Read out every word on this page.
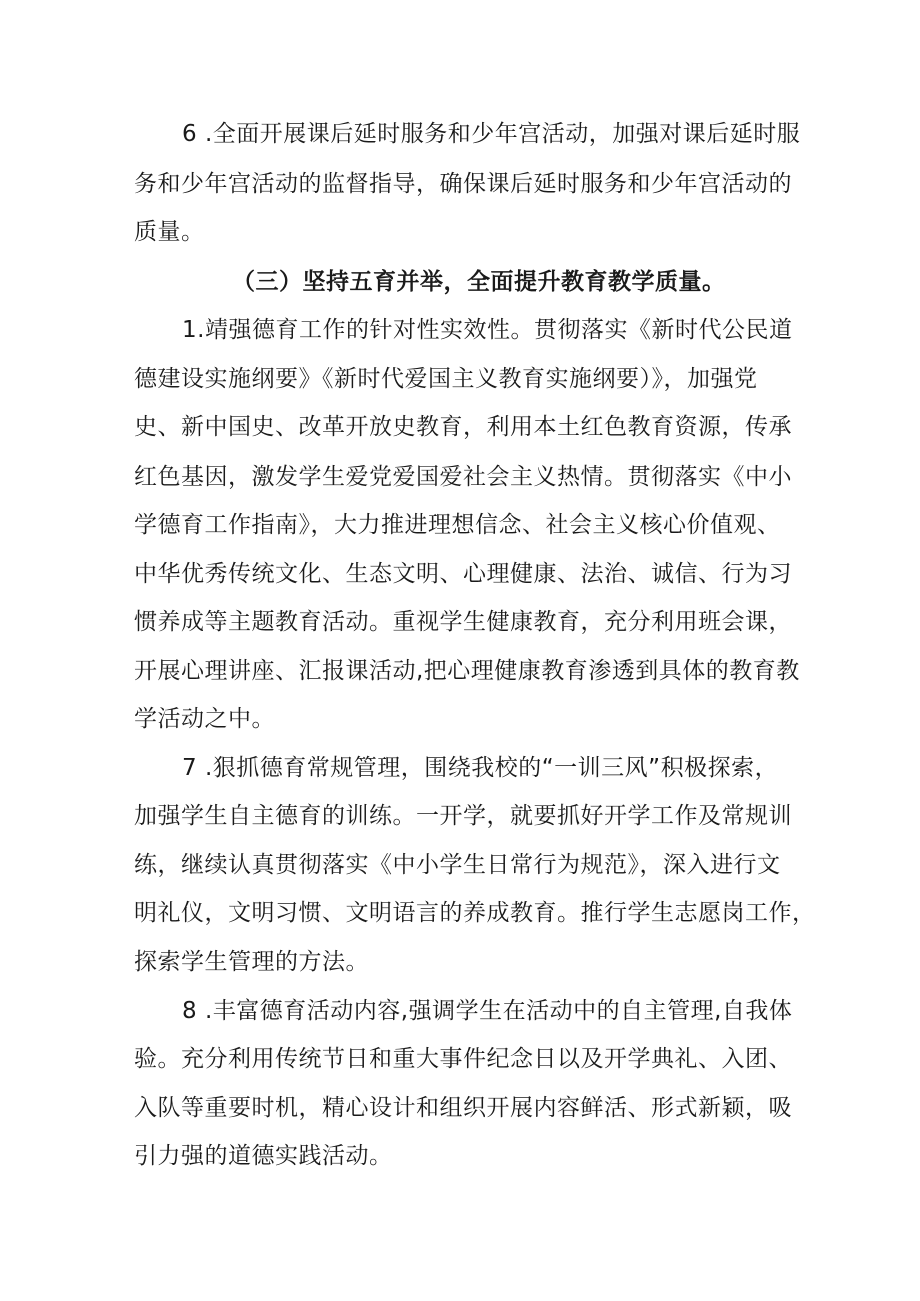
6 .全面开展课后延时服务和少年宫活动，加强对课后延时服

务和少年宫活动的监督指导，确保课后延时服务和少年宫活动的

质量。

（三）坚持五育并举，全面提升教育教学质量。

1.靖强德育工作的针对性实效性。贯彻落实《新时代公民道

德建设实施纲要》《新时代爱国主义教育实施纲要）》，加强党

史、新中国史、改革开放史教育，利用本土红色教育资源，传承

红色基因，激发学生爱党爱国爱社会主义热情。贯彻落实《中小

学德育工作指南》，大力推进理想信念、社会主义核心价值观、

中华优秀传统文化、生态文明、心理健康、法治、诚信、行为习

惯养成等主题教育活动。重视学生健康教育，充分利用班会课，

开展心理讲座、汇报课活动,把心理健康教育渗透到具体的教育教

学活动之中。

7 .狠抓德育常规管理，围绕我校的“一训三风”积极探索，

加强学生自主德育的训练。一开学，就要抓好开学工作及常规训

练，继续认真贯彻落实《中小学生日常行为规范》，深入进行文

明礼仪，文明习惯、文明语言的养成教育。推行学生志愿岗工作，

探索学生管理的方法。

8 .丰富德育活动内容,强调学生在活动中的自主管理,自我体

验。充分利用传统节日和重大事件纪念日以及开学典礼、入团、

入队等重要时机，精心设计和组织开展内容鲜活、形式新颖，吸

引力强的道德实践活动。
